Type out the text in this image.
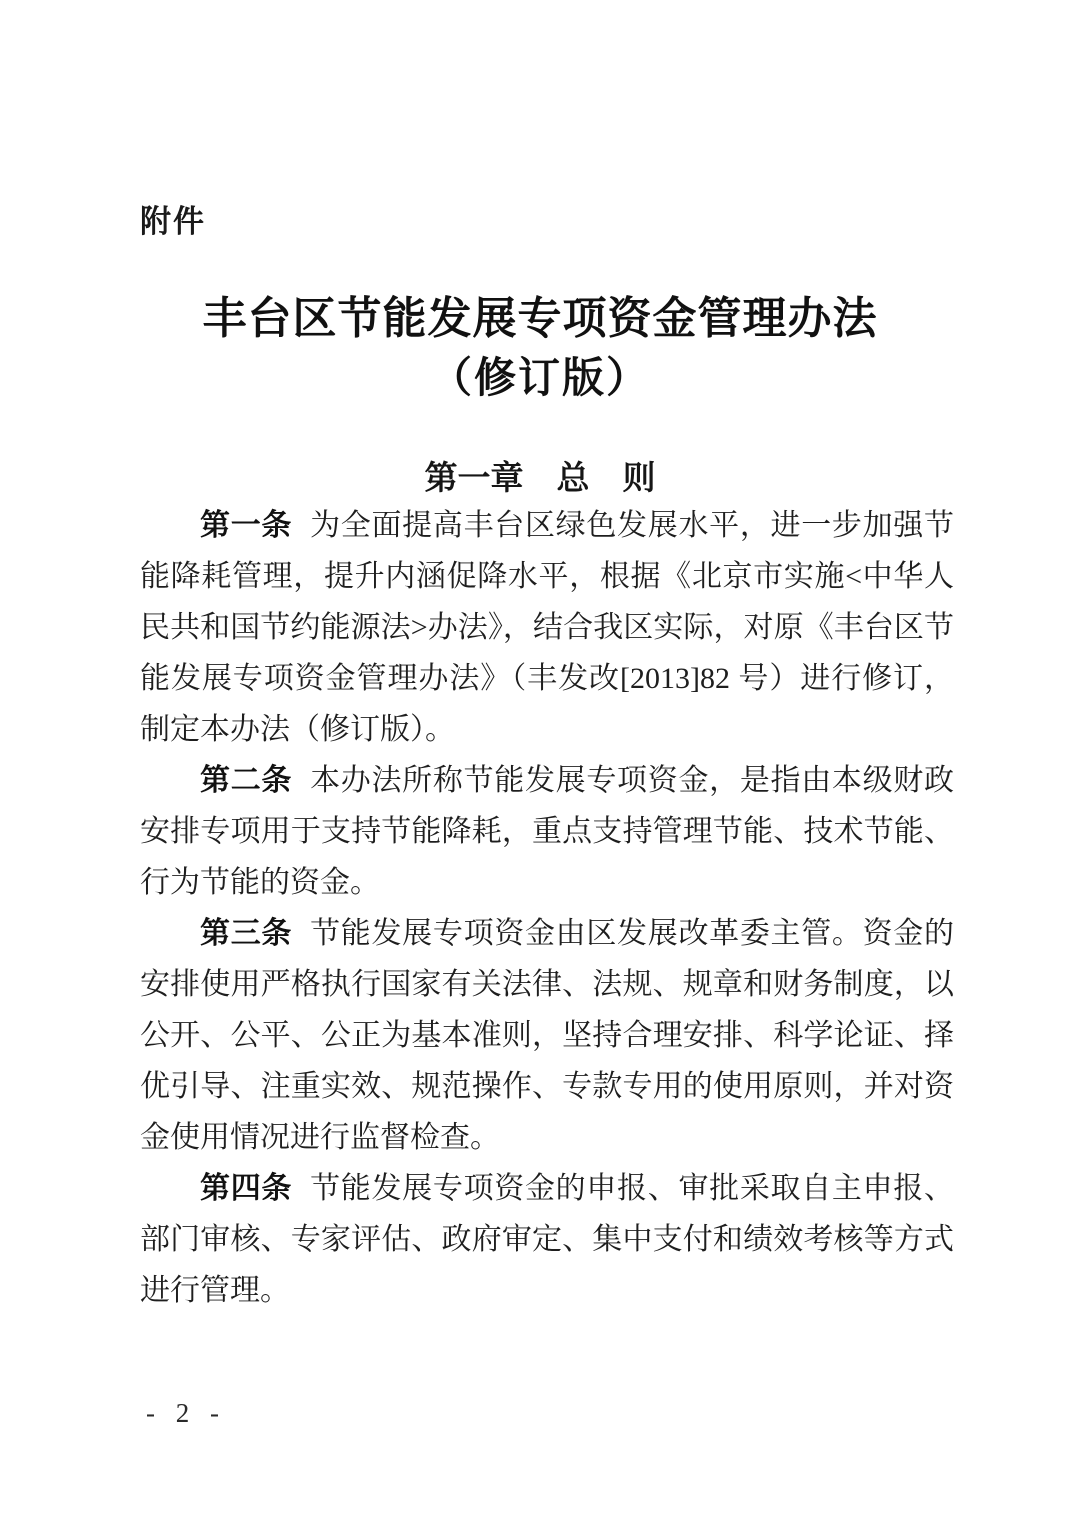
附件
丰台区节能发展专项资金管理办法
（修订版）
第一章　总　则

第一条 为全面提高丰台区绿色发展水平，进一步加强节能降耗管理，提升内涵促降水平，根据《北京市实施<中华人民共和国节约能源法>办法》，结合我区实际，对原《丰台区节能发展专项资金管理办法》（丰发改[2013]82 号）进行修订，制定本办法（修订版）。

第二条 本办法所称节能发展专项资金，是指由本级财政安排专项用于支持节能降耗，重点支持管理节能、技术节能、行为节能的资金。

第三条 节能发展专项资金由区发展改革委主管。资金的安排使用严格执行国家有关法律、法规、规章和财务制度，以公开、公平、公正为基本准则，坚持合理安排、科学论证、择优引导、注重实效、规范操作、专款专用的使用原则，并对资金使用情况进行监督检查。

第四条 节能发展专项资金的申报、审批采取自主申报、部门审核、专家评估、政府审定、集中支付和绩效考核等方式进行管理。

- 2 -
